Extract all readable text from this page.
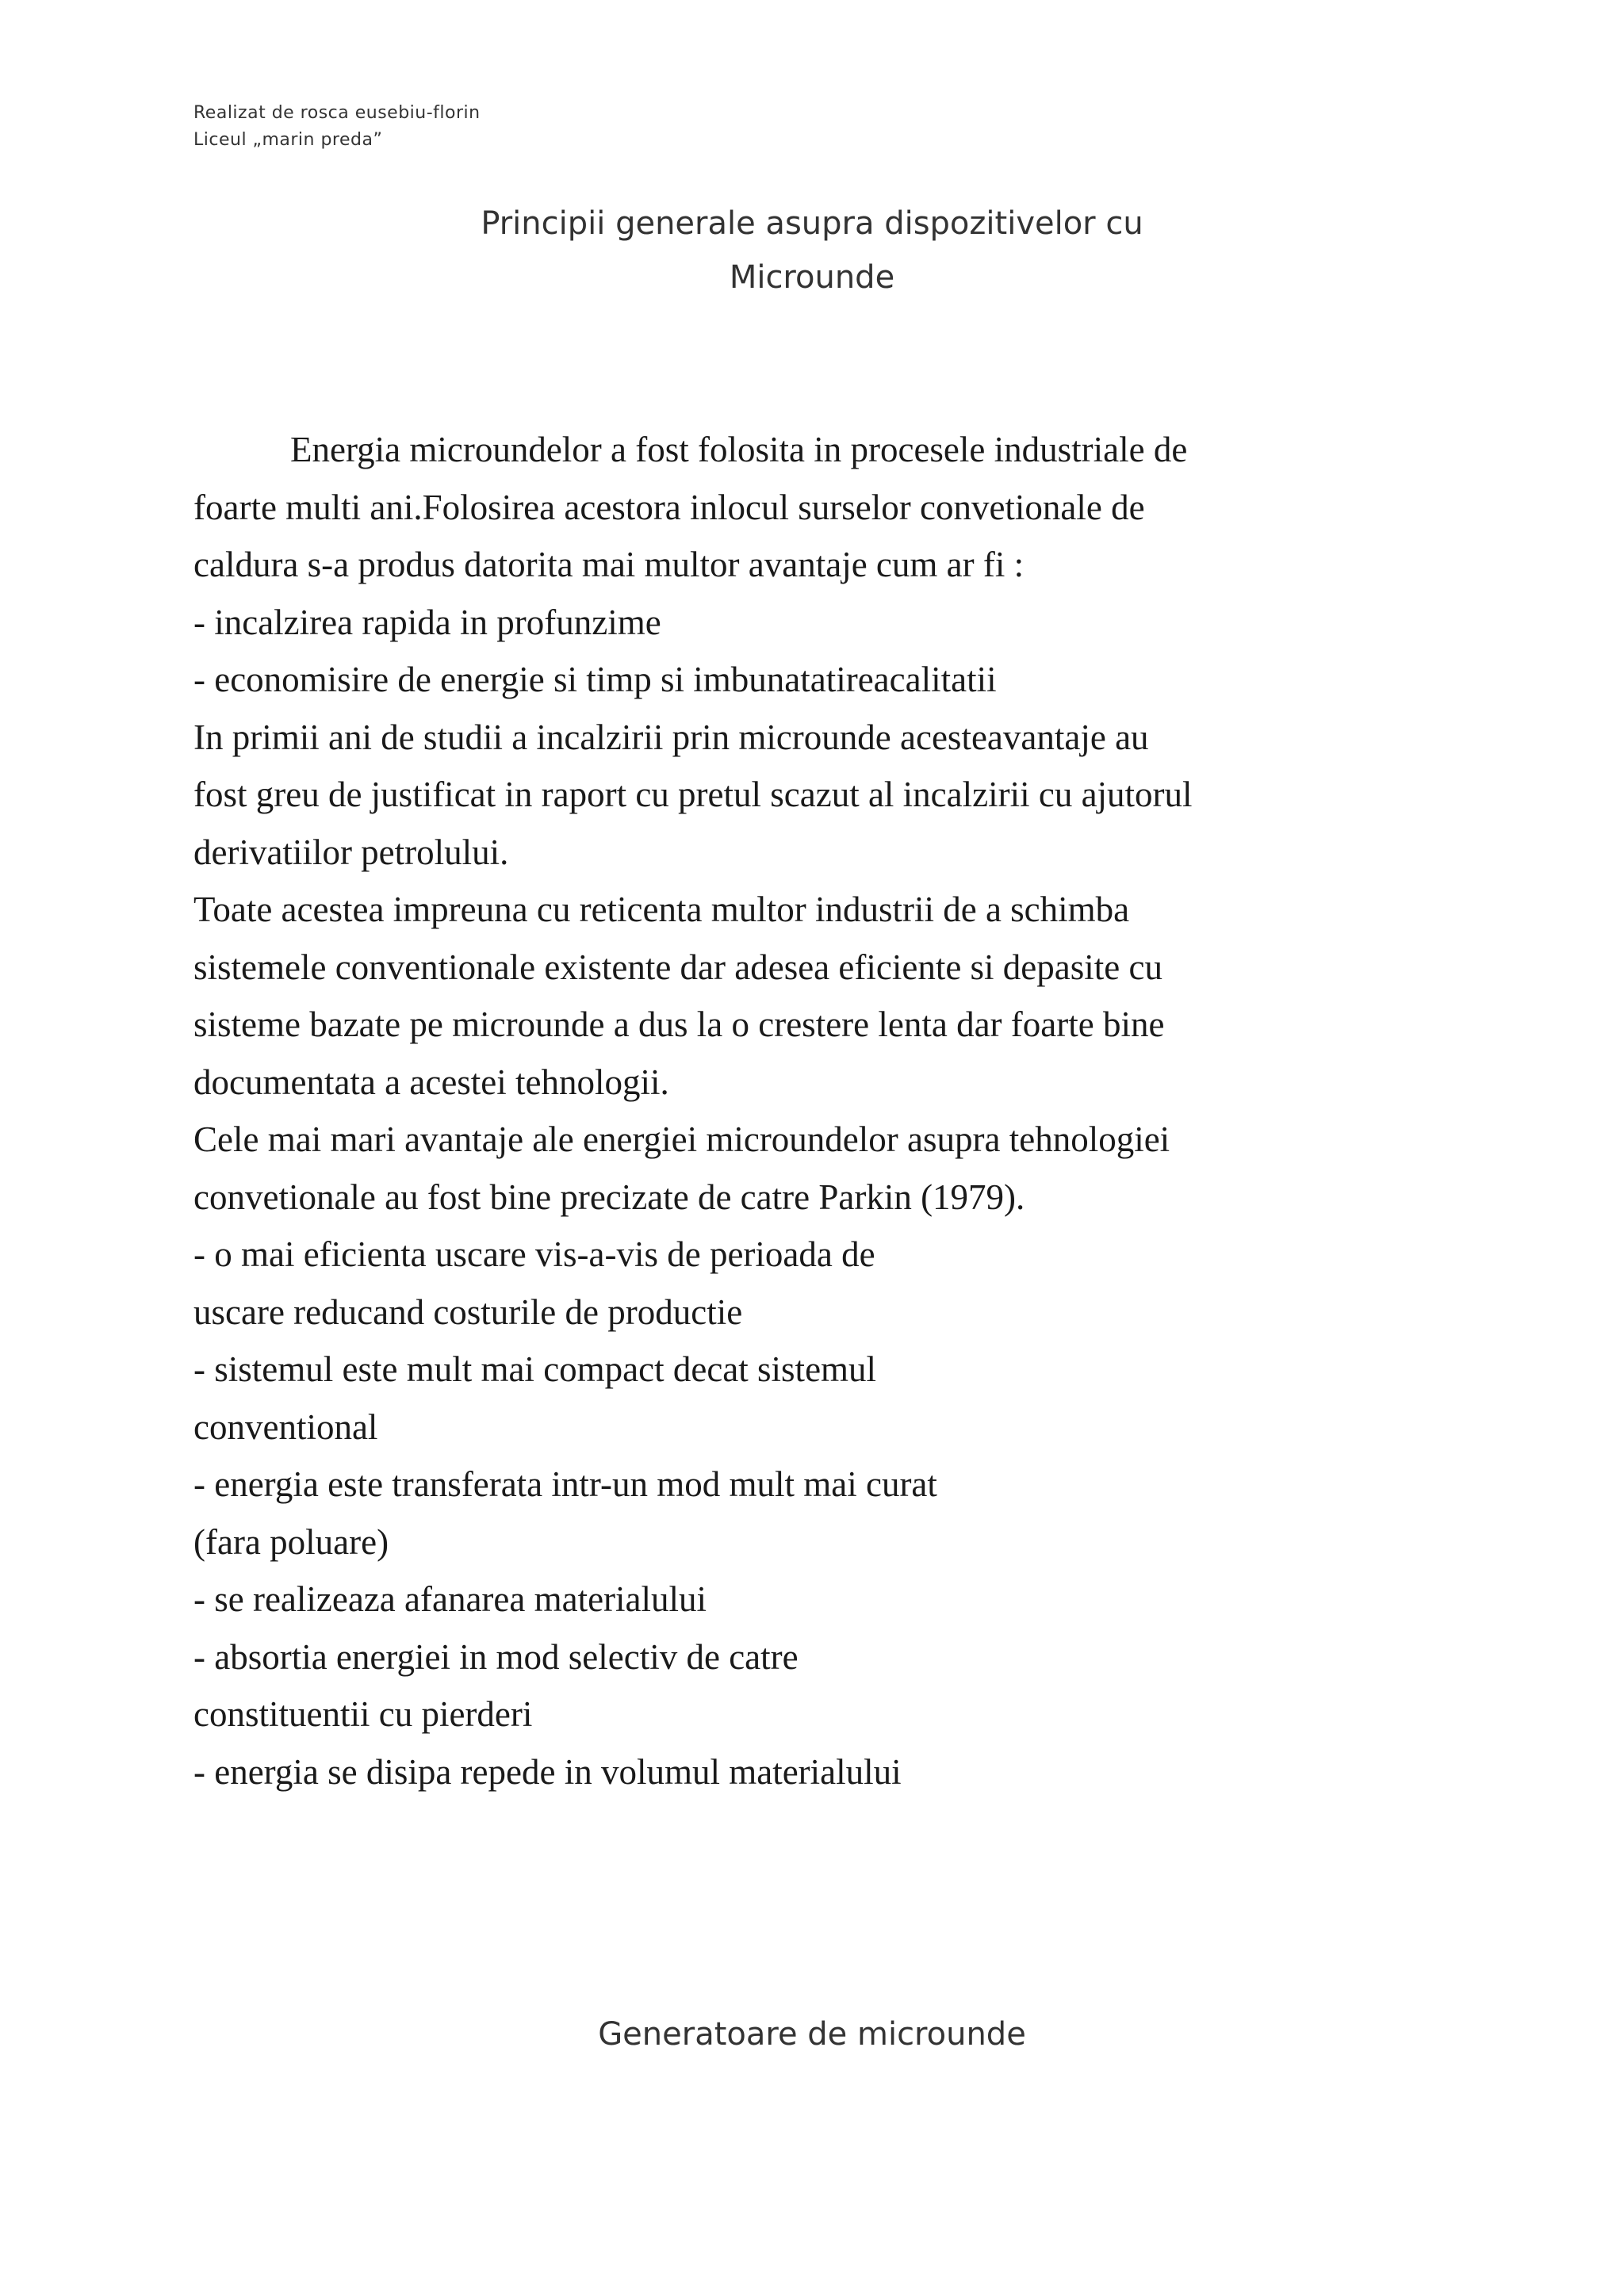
Realizat de rosca eusebiu-florin
Liceul „marin preda”
Principii generale asupra dispozitivelor cu
Microunde
Energia microundelor a fost folosita in procesele industriale de
foarte multi ani.Folosirea acestora inlocul surselor convetionale de
caldura s-a produs datorita mai multor avantaje cum ar fi :
- incalzirea rapida in profunzime
- economisire de energie si timp si imbunatatireacalitatii
In primii ani de studii a incalzirii prin microunde acesteavantaje au
fost greu de justificat in raport cu pretul scazut al incalzirii cu ajutorul
derivatiilor petrolului.
Toate acestea impreuna cu reticenta multor industrii de a schimba
sistemele conventionale existente dar adesea eficiente si depasite cu
sisteme bazate pe microunde a dus la o crestere lenta dar foarte bine
documentata a acestei tehnologii.
Cele mai mari avantaje ale energiei microundelor asupra tehnologiei
convetionale au fost bine precizate de catre Parkin (1979).
- o mai eficienta uscare vis-a-vis de perioada de
uscare reducand costurile de productie
- sistemul este mult mai compact decat sistemul
conventional
- energia este transferata intr-un mod mult mai curat
(fara poluare)
- se realizeaza afanarea materialului
- absortia energiei in mod selectiv de catre
constituentii cu pierderi
- energia se disipa repede in volumul materialului
Generatoare de microunde
